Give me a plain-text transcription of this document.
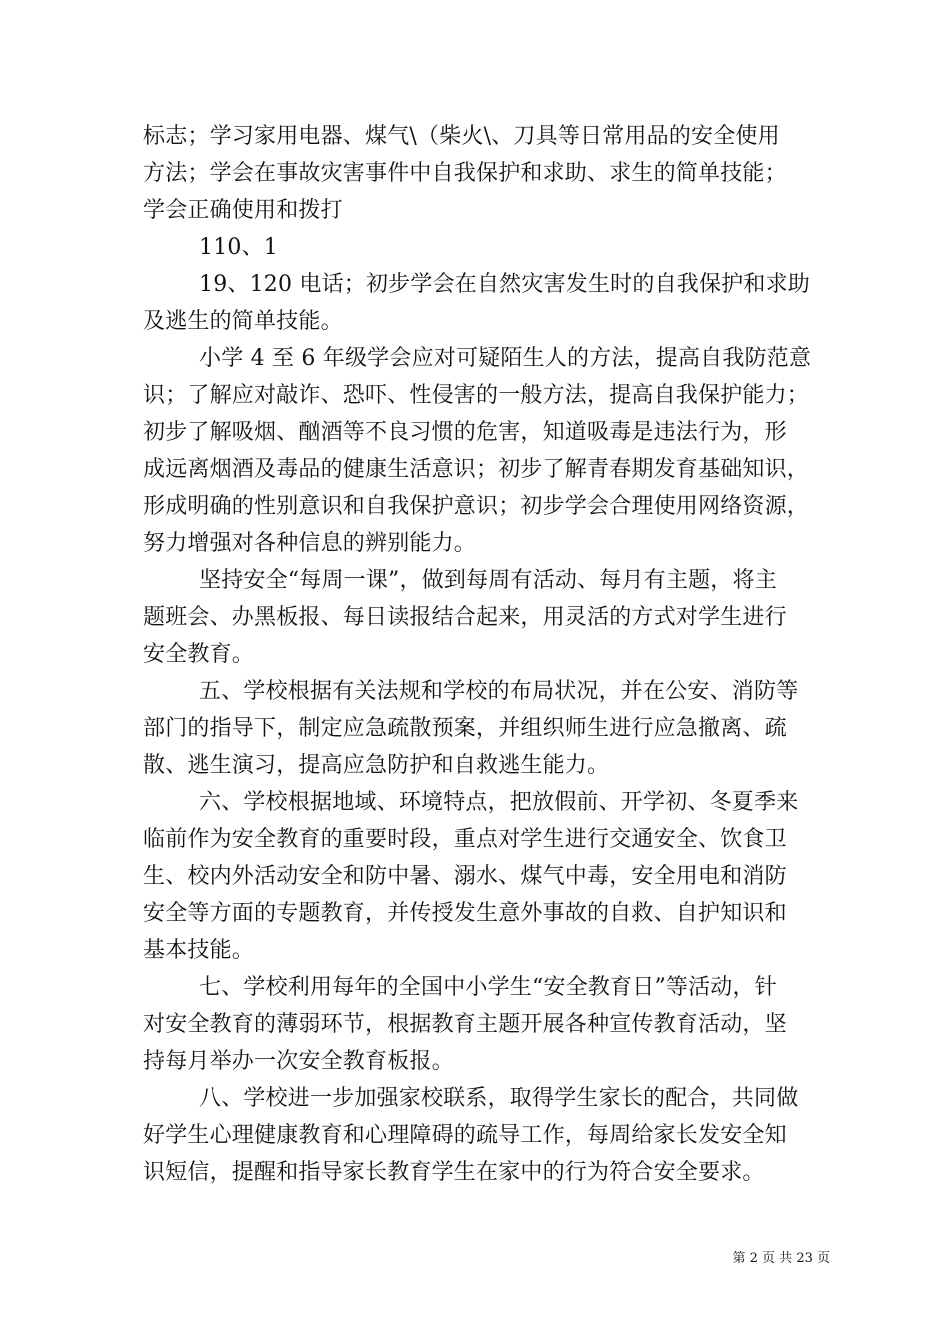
标志；学习家用电器、煤气\（柴火\、刀具等日常用品的安全使用
方法；学会在事故灾害事件中自我保护和求助、求生的简单技能；
学会正确使用和拨打
110、1
19、120 电话；初步学会在自然灾害发生时的自我保护和求助
及逃生的简单技能。
小学 4 至 6 年级学会应对可疑陌生人的方法，提高自我防范意
识；了解应对敲诈、恐吓、性侵害的一般方法，提高自我保护能力；
初步了解吸烟、酗酒等不良习惯的危害，知道吸毒是违法行为，形
成远离烟酒及毒品的健康生活意识；初步了解青春期发育基础知识，
形成明确的性别意识和自我保护意识；初步学会合理使用网络资源，
努力增强对各种信息的辨别能力。
坚持安全“每周一课”，做到每周有活动、每月有主题，将主
题班会、办黑板报、每日读报结合起来，用灵活的方式对学生进行
安全教育。
五、学校根据有关法规和学校的布局状况，并在公安、消防等
部门的指导下，制定应急疏散预案，并组织师生进行应急撤离、疏
散、逃生演习，提高应急防护和自救逃生能力。
六、学校根据地域、环境特点，把放假前、开学初、冬夏季来
临前作为安全教育的重要时段，重点对学生进行交通安全、饮食卫
生、校内外活动安全和防中暑、溺水、煤气中毒，安全用电和消防
安全等方面的专题教育，并传授发生意外事故的自救、自护知识和
基本技能。
七、学校利用每年的全国中小学生“安全教育日”等活动，针
对安全教育的薄弱环节，根据教育主题开展各种宣传教育活动，坚
持每月举办一次安全教育板报。
八、学校进一步加强家校联系，取得学生家长的配合，共同做
好学生心理健康教育和心理障碍的疏导工作，每周给家长发安全知
识短信，提醒和指导家长教育学生在家中的行为符合安全要求。
第 2 页 共 23 页
